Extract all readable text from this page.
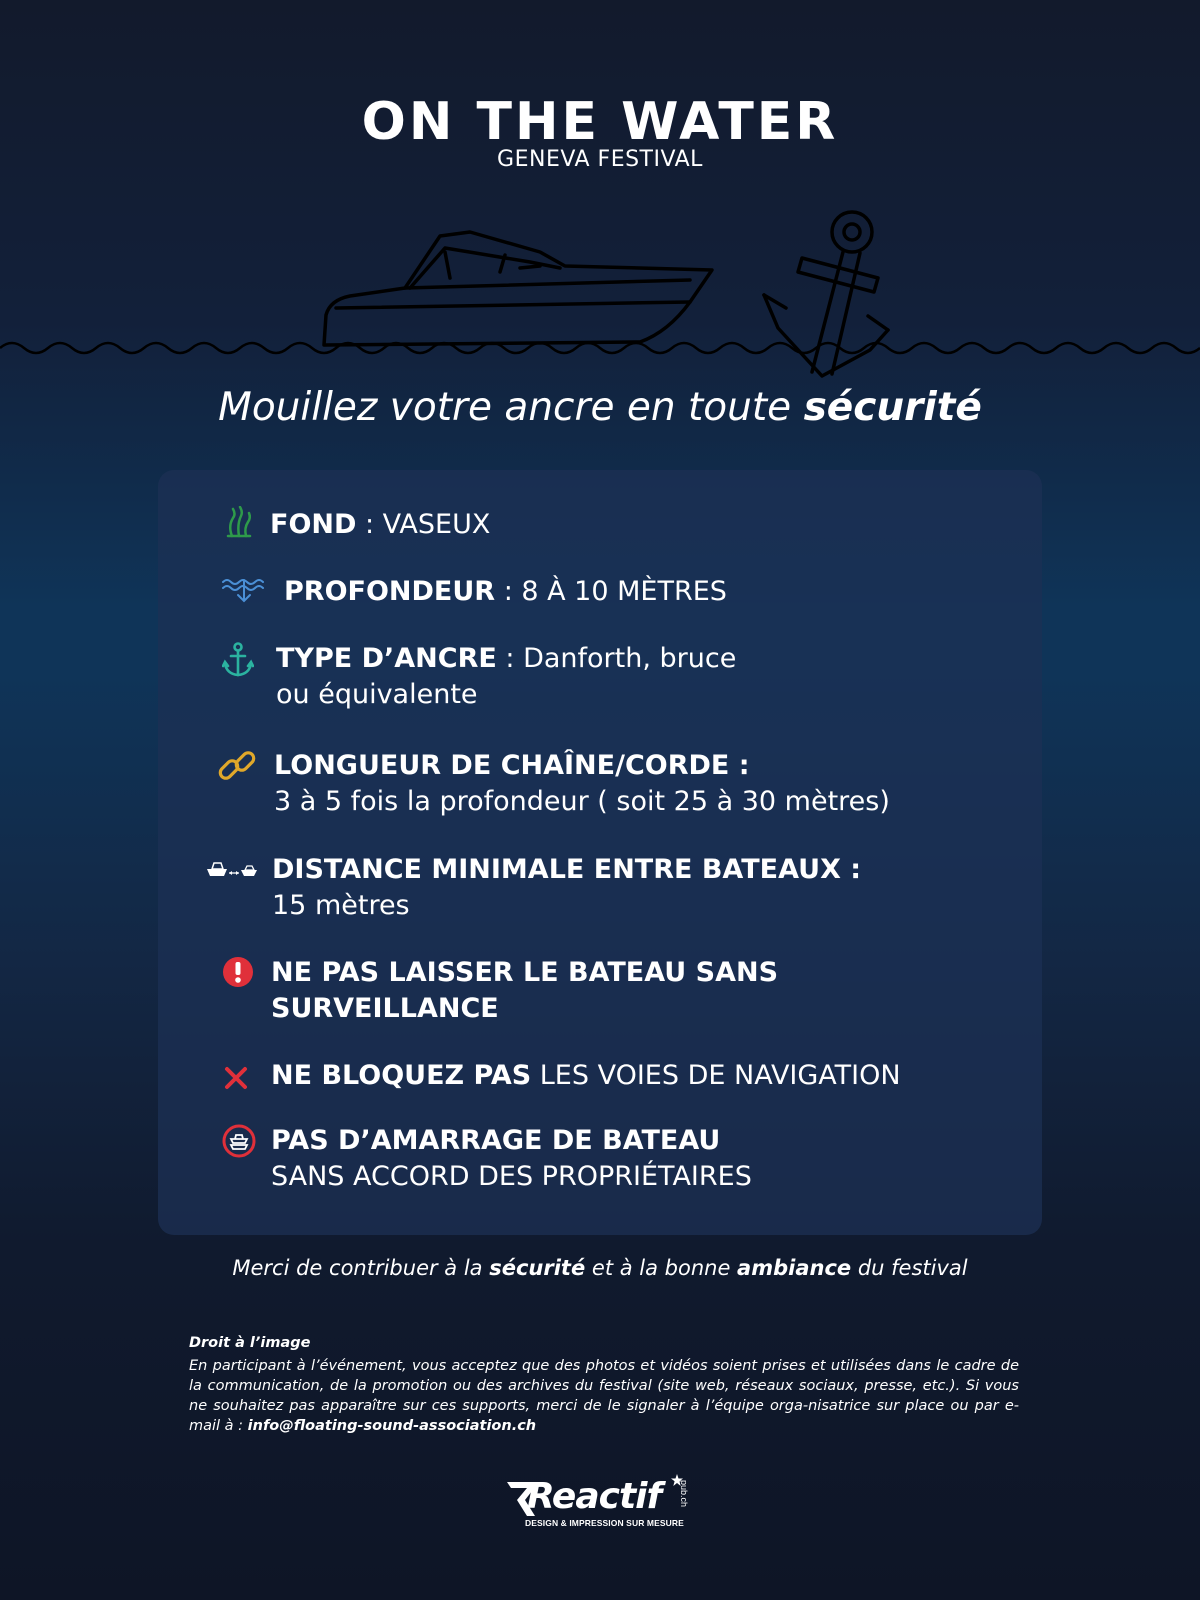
ON THE WATER
GENEVA FESTIVAL
Mouillez votre ancre en toute sécurité
FOND : VASEUX
PROFONDEUR : 8 À 10 MÈTRES
TYPE D’ANCRE : Danforth, bruce
ou équivalente
LONGUEUR DE CHAÎNE/CORDE :
3 à 5 fois la profondeur ( soit 25 à 30 mètres)
DISTANCE MINIMALE ENTRE BATEAUX :
15 mètres
NE PAS LAISSER LE BATEAU SANS
SURVEILLANCE
NE BLOQUEZ PAS LES VOIES DE NAVIGATION
PAS D’AMARRAGE DE BATEAU
SANS ACCORD DES PROPRIÉTAIRES
Merci de contribuer à la sécurité et à la bonne ambiance du festival
Droit à l’image
En participant à l’événement, vous acceptez que des photos et vidéos soient prises et utilisées dans le cadre de la communication, de la promotion ou des archives du festival (site web, réseaux sociaux, presse, etc.). Si vous ne souhaitez pas apparaître sur ces supports, merci de le signaler à l’équipe orga-nisatrice sur place ou par e-mail à : info@floating-sound-association.ch
Reactif pub.ch
DESIGN & IMPRESSION SUR MESURE
